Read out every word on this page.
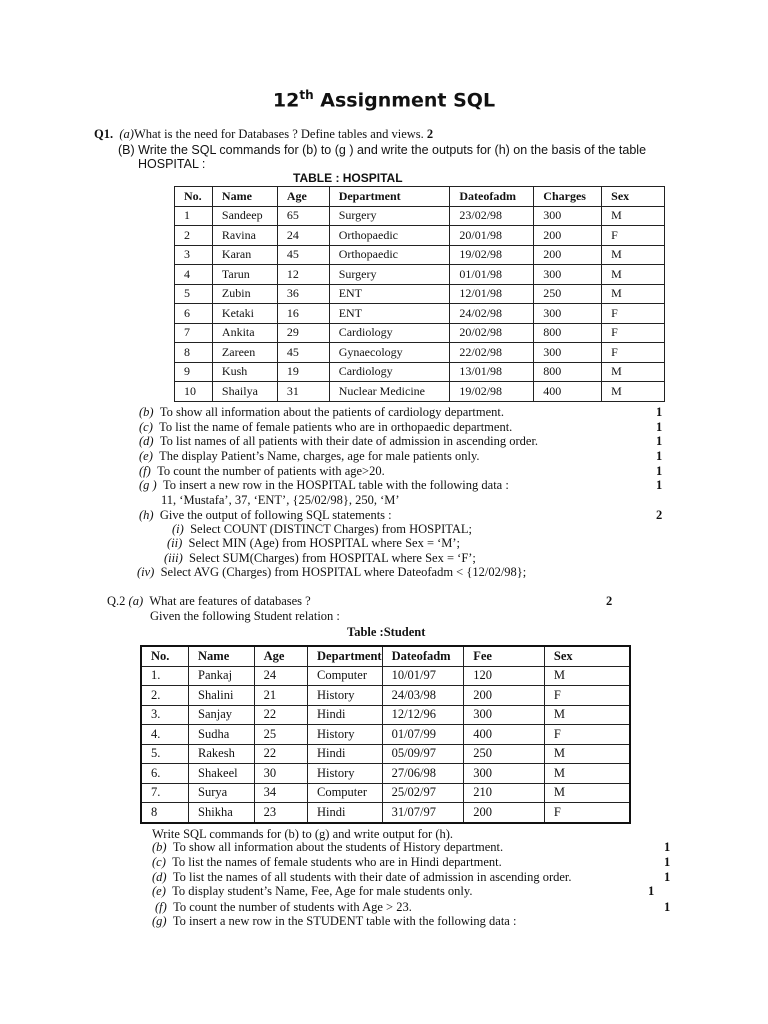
12th Assignment SQL
Q1. (a)What is the need for Databases ? Define tables and views. 2
(B) Write the SQL commands for (b) to (g ) and write the outputs for (h) on the basis of the table
HOSPITAL :
TABLE : HOSPITAL
No.	Name	Age	Department	Dateofadm	Charges	Sex
1	Sandeep	65	Surgery	23/02/98	300	M
2	Ravina	24	Orthopaedic	20/01/98	200	F
3	Karan	45	Orthopaedic	19/02/98	200	M
4	Tarun	12	Surgery	01/01/98	300	M
5	Zubin	36	ENT	12/01/98	250	M
6	Ketaki	16	ENT	24/02/98	300	F
7	Ankita	29	Cardiology	20/02/98	800	F
8	Zareen	45	Gynaecology	22/02/98	300	F
9	Kush	19	Cardiology	13/01/98	800	M
10	Shailya	31	Nuclear Medicine	19/02/98	400	M
(b) To show all information about the patients of cardiology department.	1
(c) To list the name of female patients who are in orthopaedic department.	1
(d) To list names of all patients with their date of admission in ascending order.	1
(e) The display Patient’s Name, charges, age for male patients only.	1
(f) To count the number of patients with age>20.	1
(g ) To insert a new row in the HOSPITAL table with the following data :	1
11, ‘Mustafa’, 37, ‘ENT’, {25/02/98}, 250, ‘M’
(h) Give the output of following SQL statements :	2
(i) Select COUNT (DISTINCT Charges) from HOSPITAL;
(ii) Select MIN (Age) from HOSPITAL where Sex = ‘M’;
(iii) Select SUM(Charges) from HOSPITAL where Sex = ‘F’;
(iv) Select AVG (Charges) from HOSPITAL where Dateofadm < {12/02/98};
Q.2 (a) What are features of databases ?	2
Given the following Student relation :
Table :Student
No.	Name	Age	Department	Dateofadm	Fee	Sex
1.	Pankaj	24	Computer	10/01/97	120	M
2.	Shalini	21	History	24/03/98	200	F
3.	Sanjay	22	Hindi	12/12/96	300	M
4.	Sudha	25	History	01/07/99	400	F
5.	Rakesh	22	Hindi	05/09/97	250	M
6.	Shakeel	30	History	27/06/98	300	M
7.	Surya	34	Computer	25/02/97	210	M
8	Shikha	23	Hindi	31/07/97	200	F
Write SQL commands for (b) to (g) and write output for (h).
(b) To show all information about the students of History department.	1
(c) To list the names of female students who are in Hindi department.	1
(d) To list the names of all students with their date of admission in ascending order.	1
(e) To display student’s Name, Fee, Age for male students only.	1
(f) To count the number of students with Age > 23.	1
(g) To insert a new row in the STUDENT table with the following data :
